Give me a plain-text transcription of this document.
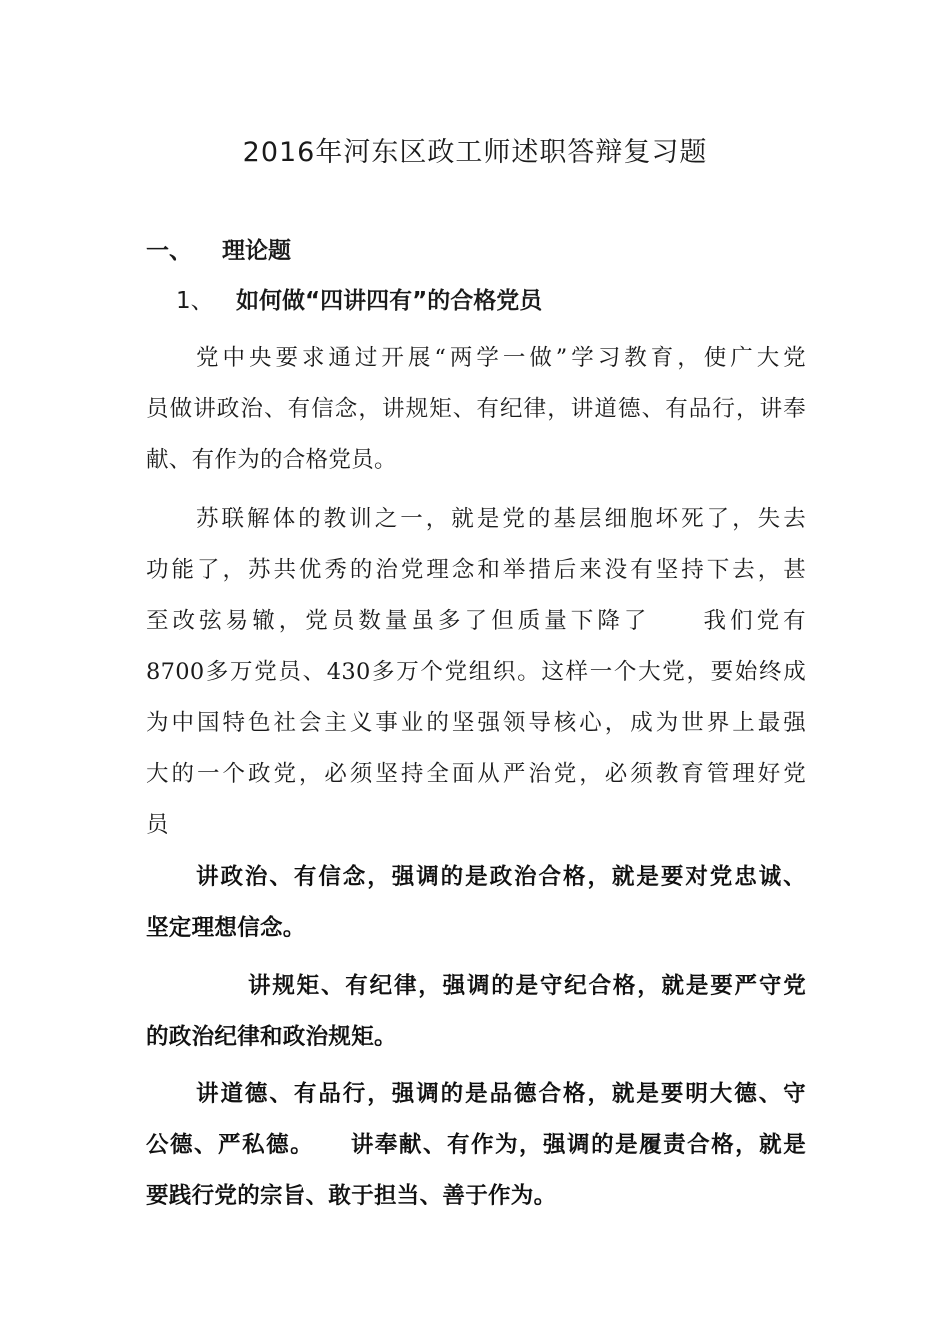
2016年河东区政工师述职答辩复习题
一、 理论题
1、 如何做“四讲四有”的合格党员
党中央要求通过开展“两学一做”学习教育，使广大党
员做讲政治、有信念，讲规矩、有纪律，讲道德、有品行，讲奉
献、有作为的合格党员。
苏联解体的教训之一，就是党的基层细胞坏死了，失去
功能了，苏共优秀的治党理念和举措后来没有坚持下去，甚
至改弦易辙，党员数量虽多了但质量下降了　　我们党有
8700多万党员、430多万个党组织。这样一个大党，要始终成
为中国特色社会主义事业的坚强领导核心，成为世界上最强
大的一个政党，必须坚持全面从严治党，必须教育管理好党
员
讲政治、有信念，强调的是政治合格，就是要对党忠诚、
坚定理想信念。
讲规矩、有纪律，强调的是守纪合格，就是要严守党
的政治纪律和政治规矩。
讲道德、有品行，强调的是品德合格，就是要明大德、守
公德、严私德。　　讲奉献、有作为，强调的是履责合格，就是
要践行党的宗旨、敢于担当、善于作为。
